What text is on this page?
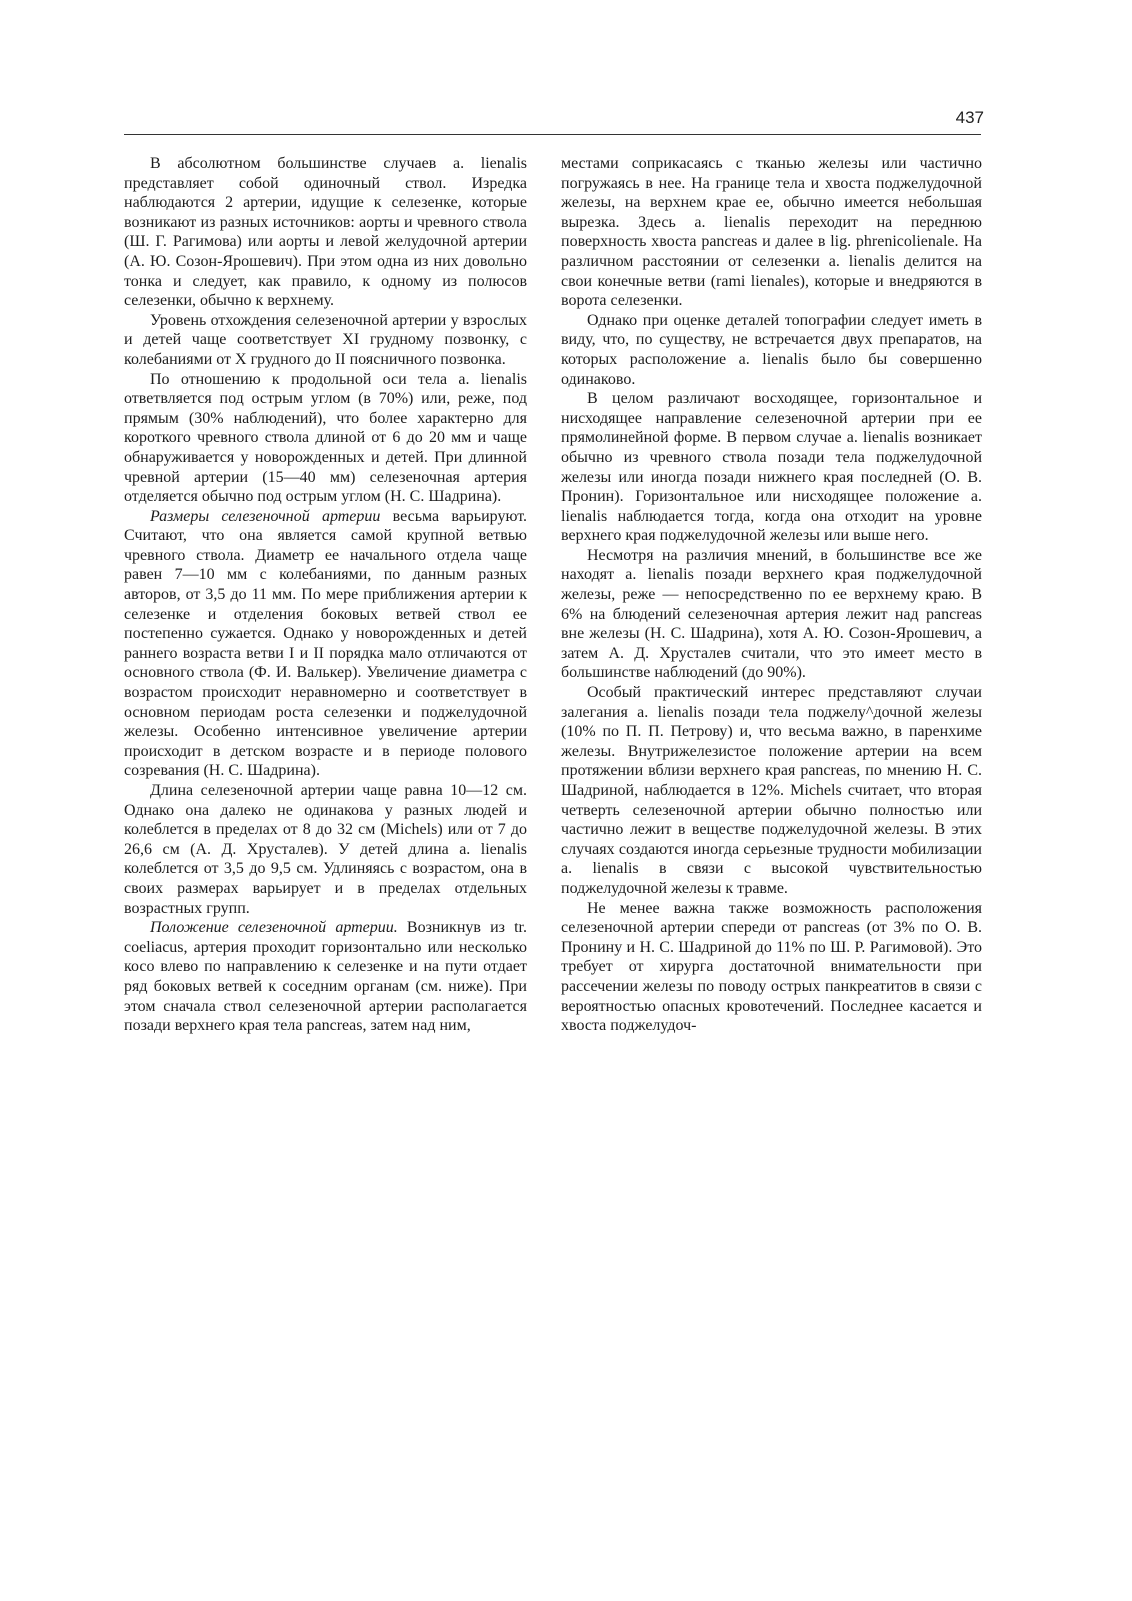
437

В абсолютном большинстве случаев a. lienalis представляет собой одиночный ствол. Изредка наблюдаются 2 артерии, идущие к селезенке, которые возникают из разных источников: аорты и чревного ствола (Ш. Г. Рагимова) или аорты и левой желудочной артерии (А. Ю. Созон-Ярошевич). При этом одна из них довольно тонка и следует, как правило, к одному из полюсов селезенки, обычно к верхнему.

Уровень отхождения селезеночной артерии у взрослых и детей чаще соответствует XI грудному позвонку, с колебаниями от X грудного до II поясничного позвонка.

По отношению к продольной оси тела a. lienalis ответвляется под острым углом (в 70%) или, реже, под прямым (30% наблюдений), что более характерно для короткого чревного ствола длиной от 6 до 20 мм и чаще обнаруживается у новорожденных и детей. При длинной чревной артерии (15—40 мм) селезеночная артерия отделяется обычно под острым углом (Н. С. Шадрина).

Размеры селезеночной артерии весьма варьируют. Считают, что она является самой крупной ветвью чревного ствола. Диаметр ее начального отдела чаще равен 7—10 мм с колебаниями, по данным разных авторов, от 3,5 до 11 мм. По мере приближения артерии к селезенке и отделения боковых ветвей ствол ее постепенно сужается. Однако у новорожденных и детей раннего возраста ветви I и II порядка мало отличаются от основного ствола (Ф. И. Валькер). Увеличение диаметра с возрастом происходит неравномерно и соответствует в основном периодам роста селезенки и поджелудочной железы. Особенно интенсивное увеличение артерии происходит в детском возрасте и в периоде полового созревания (Н. С. Шадрина).

Длина селезеночной артерии чаще равна 10—12 см. Однако она далеко не одинакова у разных людей и колеблется в пределах от 8 до 32 см (Michels) или от 7 до 26,6 см (А. Д. Хрусталев). У детей длина a. lienalis колеблется от 3,5 до 9,5 см. Удлиняясь с возрастом, она в своих размерах варьирует и в пределах отдельных возрастных групп.

Положение селезеночной артерии. Возникнув из tr. coeliacus, артерия проходит горизонтально или несколько косо влево по направлению к селезенке и на пути отдает ряд боковых ветвей к соседним органам (см. ниже). При этом сначала ствол селезеночной артерии располагается позади верхнего края тела pancreas, затем над ним,

местами соприкасаясь с тканью железы или частично погружаясь в нее. На границе тела и хвоста поджелудочной железы, на верхнем крае ее, обычно имеется небольшая вырезка. Здесь a. lienalis переходит на переднюю поверхность хвоста pancreas и далее в lig. phrenicolienale. На различном расстоянии от селезенки a. lienalis делится на свои конечные ветви (rami lienales), которые и внедряются в ворота селезенки.

Однако при оценке деталей топографии следует иметь в виду, что, по существу, не встречается двух препаратов, на которых расположение a. lienalis было бы совершенно одинаково.

В целом различают восходящее, горизонтальное и нисходящее направление селезеночной артерии при ее прямолинейной форме. В первом случае a. lienalis возникает обычно из чревного ствола позади тела поджелудочной железы или иногда позади нижнего края последней (О. В. Пронин). Горизонтальное или нисходящее положение a. lienalis наблюдается тогда, когда она отходит на уровне верхнего края поджелудочной железы или выше него.

Несмотря на различия мнений, в большинстве все же находят a. lienalis позади верхнего края поджелудочной железы, реже — непосредственно по ее верхнему краю. В 6% на блюдений селезеночная артерия лежит над pancreas вне железы (Н. С. Шадрина), хотя А. Ю. Созон-Ярошевич, а затем А. Д. Хрусталев считали, что это имеет место в большинстве наблюдений (до 90%).

Особый практический интерес представляют случаи залегания a. lienalis позади тела поджелу^дочной железы (10% по П. П. Петрову) и, что весьма важно, в паренхиме железы. Внутрижелезистое положение артерии на всем протяжении вблизи верхнего края pancreas, по мнению Н. С. Шадриной, наблюдается в 12%. Michels считает, что вторая четверть селезеночной артерии обычно полностью или частично лежит в веществе поджелудочной железы. В этих случаях создаются иногда серьезные трудности мобилизации a. lienalis в связи с высокой чувствительностью поджелудочной железы к травме.

Не менее важна также возможность расположения селезеночной артерии спереди от pancreas (от 3% по О. В. Пронину и Н. С. Шадриной до 11% по Ш. Р. Рагимовой). Это требует от хирурга достаточной внимательности при рассечении железы по поводу острых панкреатитов в связи с вероятностью опасных кровотечений. Последнее касается и хвоста поджелудоч-
